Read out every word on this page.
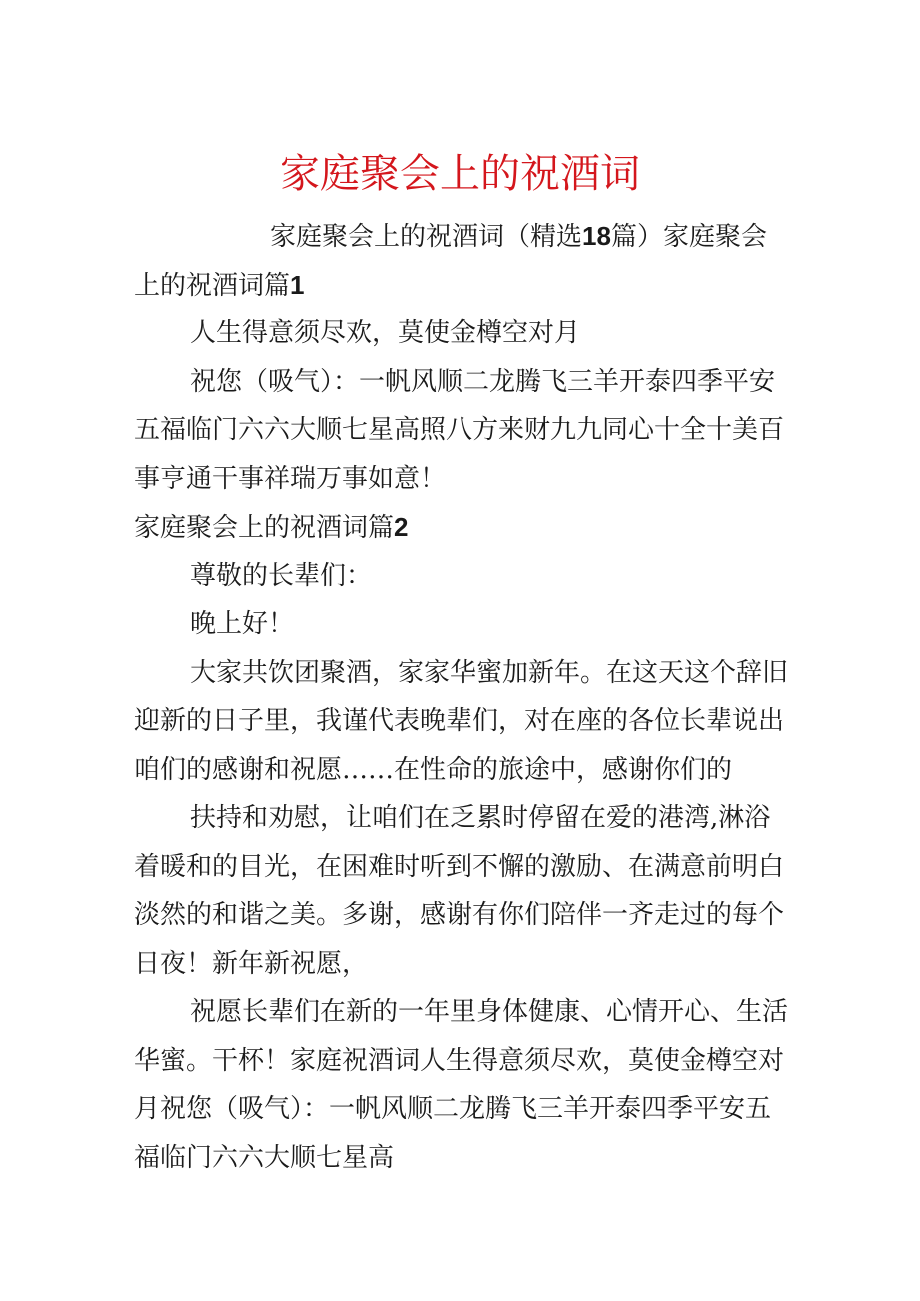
家庭聚会上的祝酒词
家庭聚会上的祝酒词（精选18篇）家庭聚会
上的祝酒词篇1
人生得意须尽欢，莫使金樽空对月
祝您（吸气）：一帆风顺二龙腾飞三羊开泰四季平安
五福临门六六大顺七星高照八方来财九九同心十全十美百
事亨通干事祥瑞万事如意！
家庭聚会上的祝酒词篇2
尊敬的长辈们：
晚上好！
大家共饮团聚酒，家家华蜜加新年。在这天这个辞旧
迎新的日子里，我谨代表晚辈们，对在座的各位长辈说出
咱们的感谢和祝愿……在性命的旅途中，感谢你们的
扶持和劝慰，让咱们在乏累时停留在爱的港湾,淋浴
着暖和的目光，在困难时听到不懈的激励、在满意前明白
淡然的和谐之美。多谢，感谢有你们陪伴一齐走过的每个
日夜！新年新祝愿，
祝愿长辈们在新的一年里身体健康、心情开心、生活
华蜜。干杯！家庭祝酒词人生得意须尽欢，莫使金樽空对
月祝您（吸气）：一帆风顺二龙腾飞三羊开泰四季平安五
福临门六六大顺七星高
